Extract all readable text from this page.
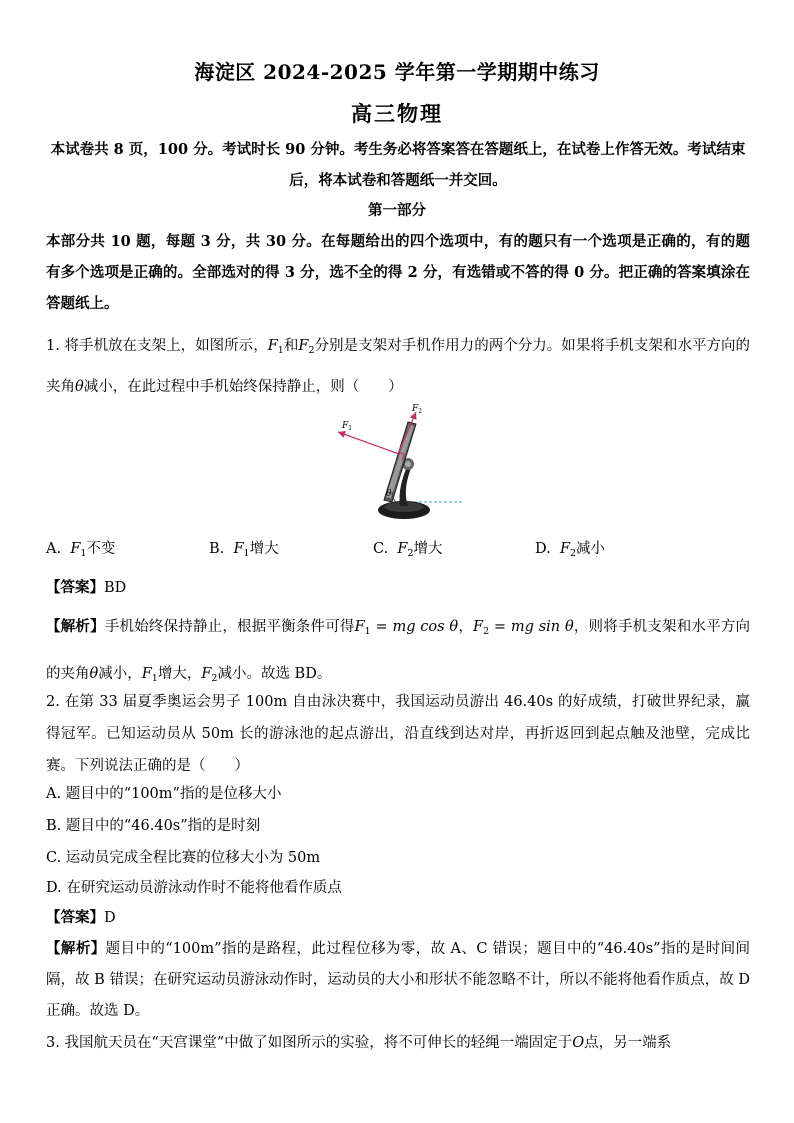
海淀区 2024-2025 学年第一学期期中练习
高三物理
本试卷共 8 页，100 分。考试时长 90 分钟。考生务必将答案答在答题纸上，在试卷上作答无效。考试结束后，将本试卷和答题纸一并交回。
第一部分
本部分共 10 题，每题 3 分，共 30 分。在每题给出的四个选项中，有的题只有一个选项是正确的，有的题有多个选项是正确的。全部选对的得 3 分，选不全的得 2 分，有选错或不答的得 0 分。把正确的答案填涂在答题纸上。
1. 将手机放在支架上，如图所示，$F_1$和$F_2$分别是支架对手机作用力的两个分力。如果将手机支架和水平方向的夹角θ减小，在此过程中手机始终保持静止，则（　　）
$F_1$
$F_2$
θ
A. $F_1$不变	B. $F_1$增大	C. $F_2$增大	D. $F_2$减小
【答案】BD
【解析】手机始终保持静止，根据平衡条件可得$F_1$ = mg cos θ，$F_2$ = mg sin θ，则将手机支架和水平方向的夹角θ减小，$F_1$增大，$F_2$减小。故选 BD。
2. 在第 33 届夏季奥运会男子 100m 自由泳决赛中，我国运动员游出 46.40s 的好成绩，打破世界纪录，赢得冠军。已知运动员从 50m 长的游泳池的起点游出，沿直线到达对岸，再折返回到起点触及池壁，完成比赛。下列说法正确的是（　　）
A. 题目中的“100m”指的是位移大小
B. 题目中的“46.40s”指的是时刻
C. 运动员完成全程比赛的位移大小为 50m
D. 在研究运动员游泳动作时不能将他看作质点
【答案】D
【解析】题目中的“100m”指的是路程，此过程位移为零，故 A、C 错误；题目中的“46.40s”指的是时间间隔，故 B 错误；在研究运动员游泳动作时，运动员的大小和形状不能忽略不计，所以不能将他看作质点，故 D 正确。故选 D。
3. 我国航天员在“天宫课堂”中做了如图所示的实验，将不可伸长的轻绳一端固定于O点，另一端系
